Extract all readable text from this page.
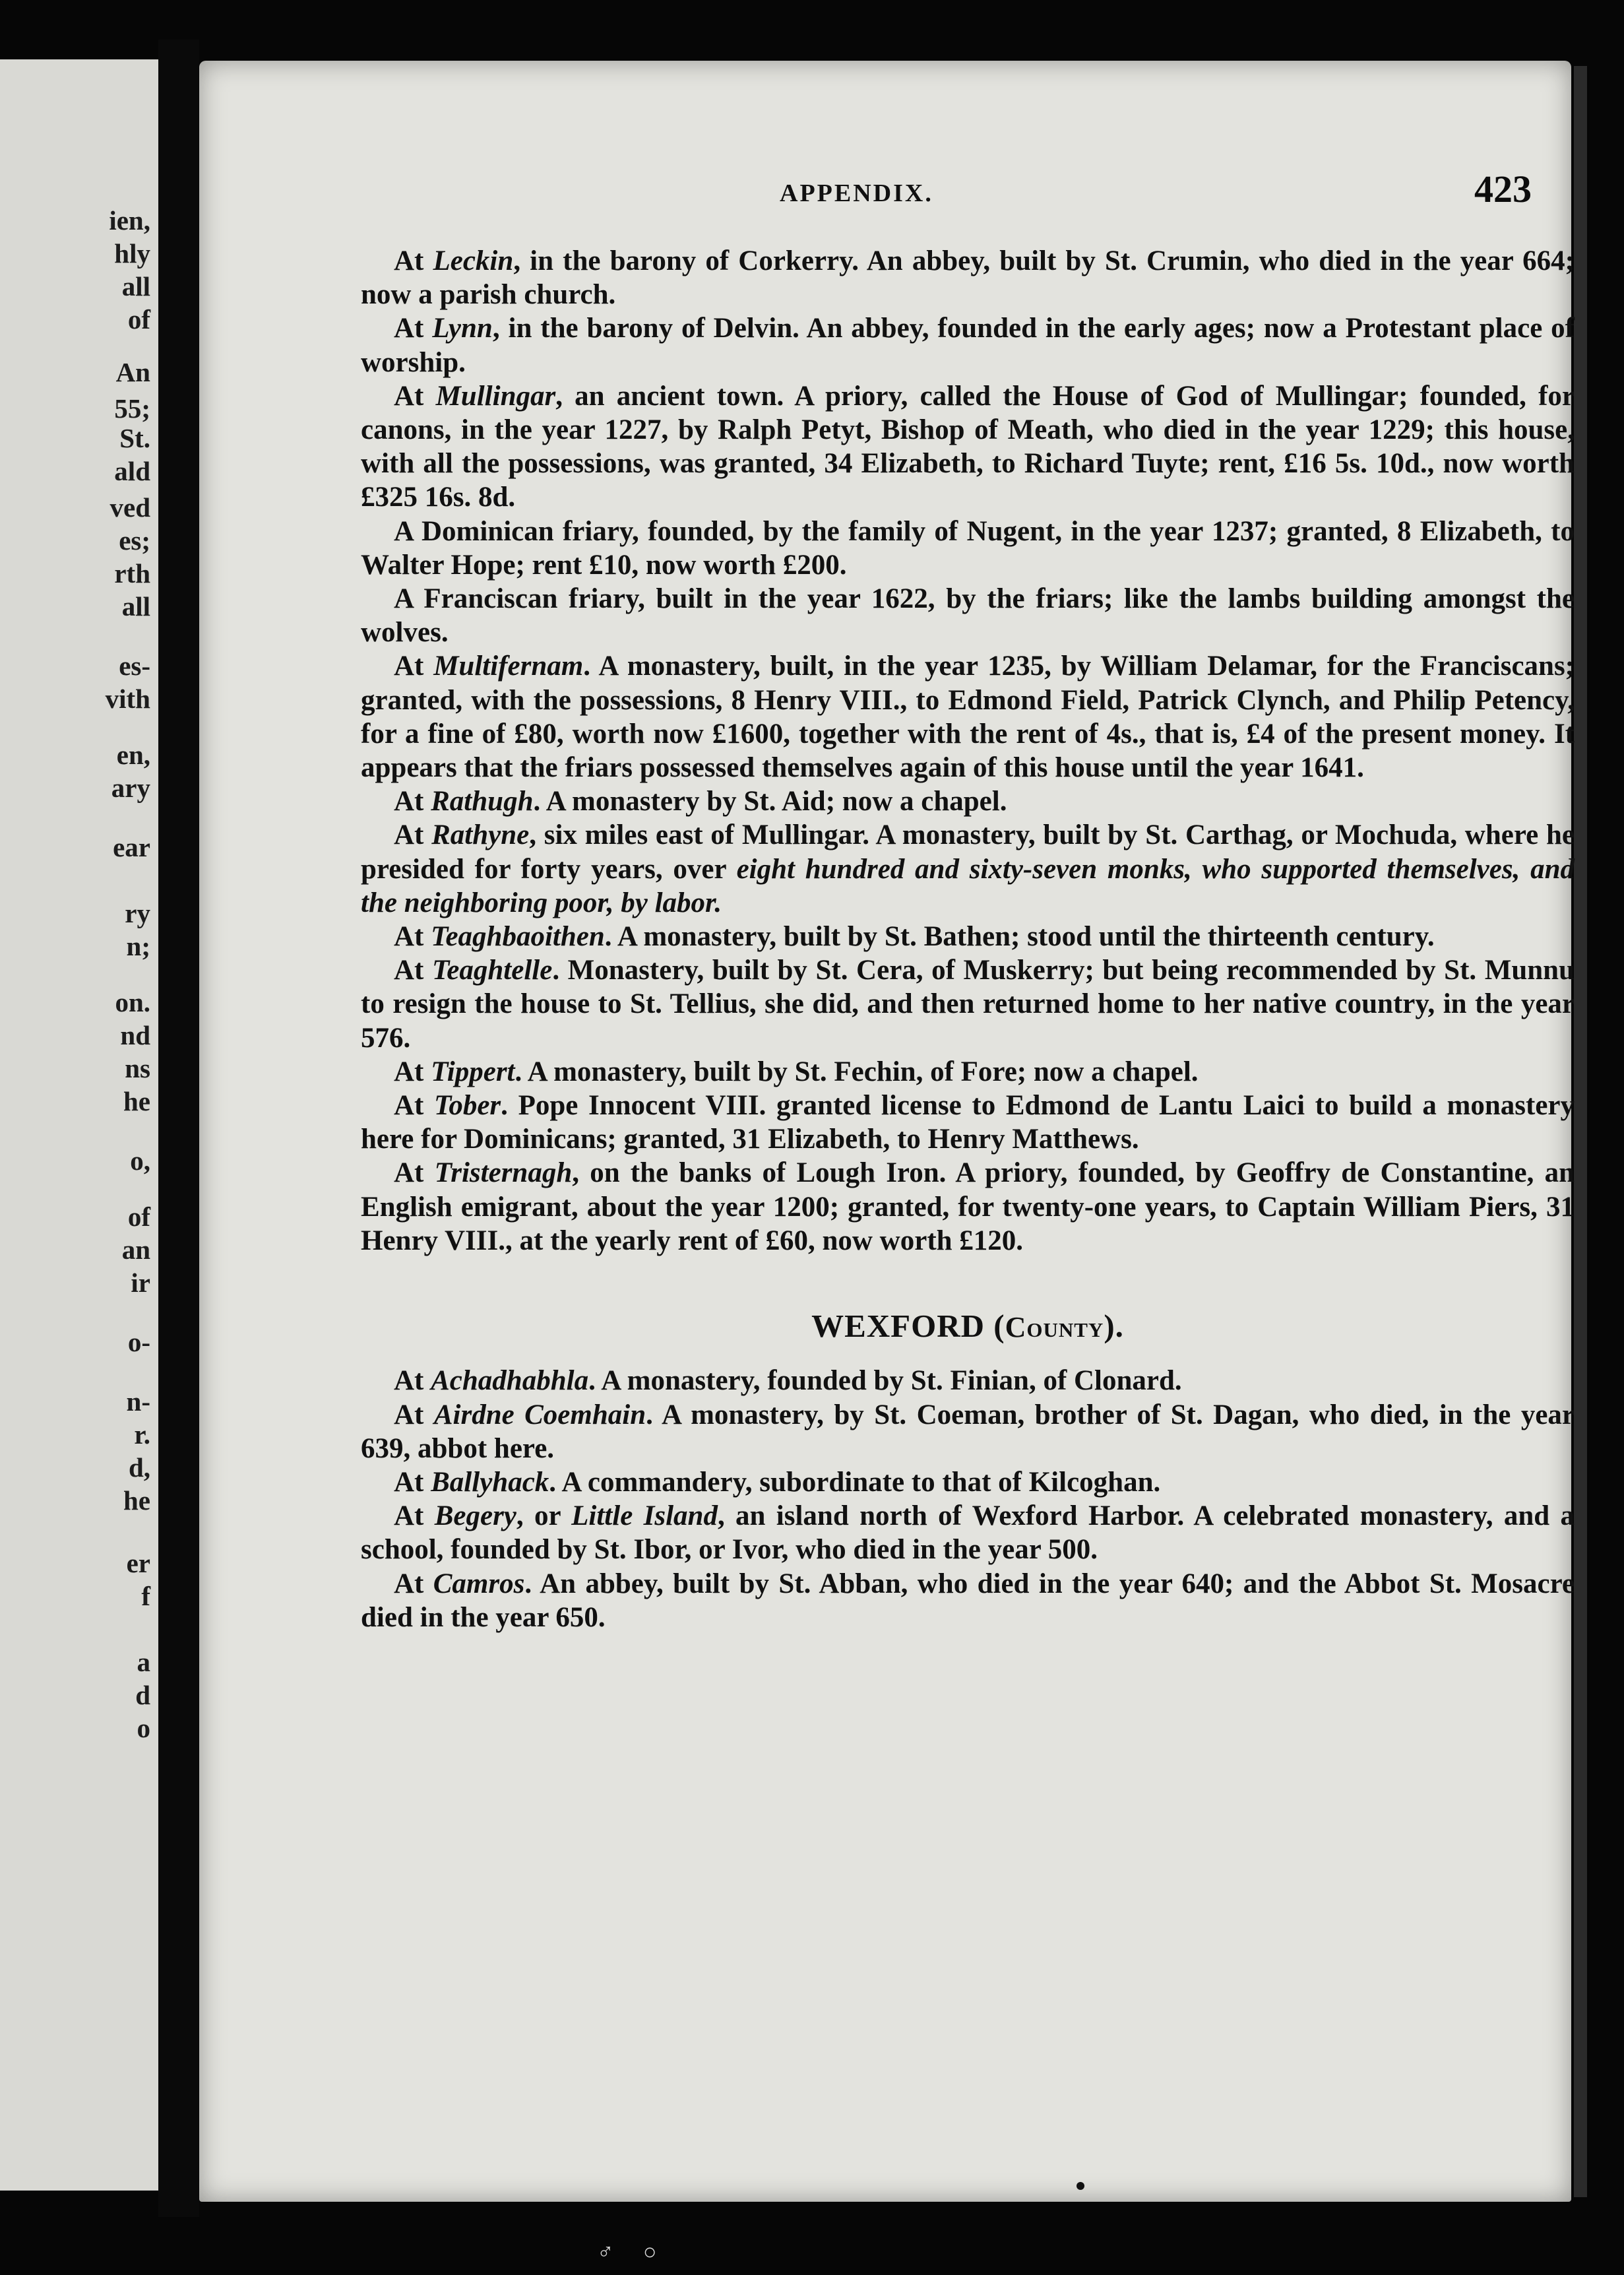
ien,
hly
all
of
An
55;
St.
ald
ved
es;
rth
all
es-
vith
en,
ary
ear
ry
n;
on.
nd
ns
he
o,
of
an
ir
o-
n-
r.
d,
he
er
f
a
d
o
APPENDIX.	423

At Leckin, in the barony of Corkerry. An abbey, built by St. Crumin, who died in the year 664; now a parish church.

At Lynn, in the barony of Delvin. An abbey, founded in the early ages; now a Protestant place of worship.

At Mullingar, an ancient town. A priory, called the House of God of Mullingar; founded, for canons, in the year 1227, by Ralph Petyt, Bishop of Meath, who died in the year 1229; this house, with all the possessions, was granted, 34 Elizabeth, to Richard Tuyte; rent, £16 5s. 10d., now worth £325 16s. 8d.

A Dominican friary, founded, by the family of Nugent, in the year 1237; granted, 8 Elizabeth, to Walter Hope; rent £10, now worth £200.

A Franciscan friary, built in the year 1622, by the friars; like the lambs building amongst the wolves.

At Multifernam. A monastery, built, in the year 1235, by William Delamar, for the Franciscans; granted, with the possessions, 8 Henry VIII., to Edmond Field, Patrick Clynch, and Philip Petency, for a fine of £80, worth now £1600, together with the rent of 4s., that is, £4 of the present money. It appears that the friars possessed themselves again of this house until the year 1641.

At Rathugh. A monastery by St. Aid; now a chapel.

At Rathyne, six miles east of Mullingar. A monastery, built by St. Carthag, or Mochuda, where he presided for forty years, over eight hundred and sixty-seven monks, who supported themselves, and the neighboring poor, by labor.

At Teaghbaoithen. A monastery, built by St. Bathen; stood until the thirteenth century.

At Teaghtelle. Monastery, built by St. Cera, of Muskerry; but being recommended by St. Munnu to resign the house to St. Tellius, she did, and then returned home to her native country, in the year 576.

At Tippert. A monastery, built by St. Fechin, of Fore; now a chapel.

At Tober. Pope Innocent VIII. granted license to Edmond de Lantu Laici to build a monastery here for Dominicans; granted, 31 Elizabeth, to Henry Matthews.

At Tristernagh, on the banks of Lough Iron. A priory, founded, by Geoffry de Constantine, an English emigrant, about the year 1200; granted, for twenty-one years, to Captain William Piers, 31 Henry VIII., at the yearly rent of £60, now worth £120.

WEXFORD (County).

At Achadhabhla. A monastery, founded by St. Finian, of Clonard.

At Airdne Coemhain. A monastery, by St. Coeman, brother of St. Dagan, who died, in the year 639, abbot here.

At Ballyhack. A commandery, subordinate to that of Kilcoghan.

At Begery, or Little Island, an island north of Wexford Harbor. A celebrated monastery, and a school, founded by St. Ibor, or Ivor, who died in the year 500.

At Camros. An abbey, built by St. Abban, who died in the year 640; and the Abbot St. Mosacre died in the year 650.

♂ ○
